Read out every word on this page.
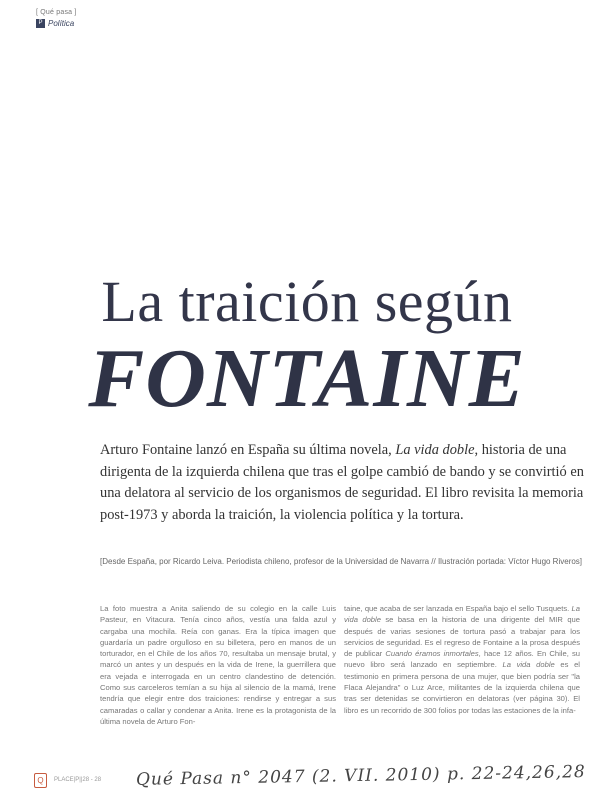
[ Qué pasa ]
P Política
La traición según
FONTAINE

Arturo Fontaine lanzó en España su última novela, La vida doble, historia de una dirigenta de la izquierda chilena que tras el golpe cambió de bando y se convirtió en una delatora al servicio de los organismos de seguridad. El libro revisita la memoria post-1973 y aborda la traición, la violencia política y la tortura.

[Desde España, por Ricardo Leiva. Periodista chileno, profesor de la Universidad de Navarra // Ilustración portada: Víctor Hugo Riveros]
La foto muestra a Anita saliendo de su colegio en la calle Luis Pasteur, en Vitacura. Tenía cinco años, vestía una falda azul y cargaba una mochila. Reía con ganas. Era la típica imagen que guardaría un padre orgulloso en su billetera, pero en manos de un torturador, en el Chile de los años 70, resultaba un mensaje brutal, y marcó un antes y un después en la vida de Irene, la guerrillera que era vejada e interrogada en un centro clandestino de detención. Como sus carceleros temían a su hija al silencio de la mamá, Irene tendría que elegir entre dos traiciones: rendirse y entregar a sus camaradas o callar y condenar a Anita. Irene es la protagonista de la última novela de Arturo Fon-
taine, que acaba de ser lanzada en España bajo el sello Tusquets. La vida doble se basa en la historia de una dirigente del MIR que después de varias sesiones de tortura pasó a trabajar para los servicios de seguridad. Es el regreso de Fontaine a la prosa después de publicar Cuando éramos inmortales, hace 12 años. En Chile, su nuevo libro será lanzado en septiembre. La vida doble es el testimonio en primera persona de una mujer, que bien podría ser "la Flaca Alejandra" o Luz Arce, militantes de la izquierda chilena que tras ser detenidas se convirtieron en delatoras (ver página 30). El libro es un recorrido de 300 folios por todas las estaciones de la infa-
Q	PLACE|P||28 - 28 Qué Pasa n° 2047 (2. VII. 2010) p. 22-24,26,28
